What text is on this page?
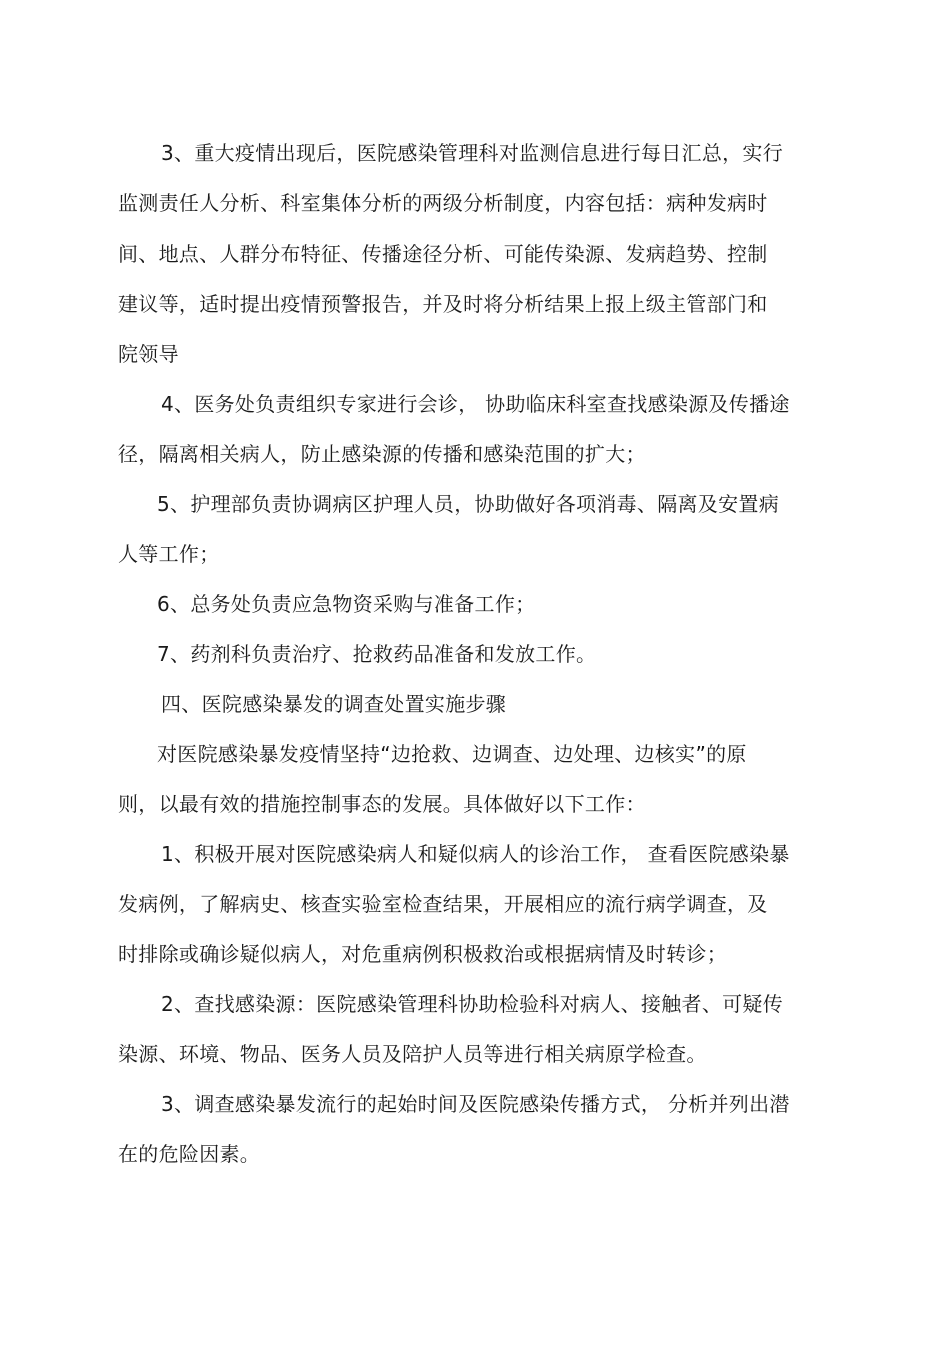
3、重大疫情出现后，医院感染管理科对监测信息进行每日汇总，实行
监测责任人分析、科室集体分析的两级分析制度，内容包括：病种发病时
间、地点、人群分布特征、传播途径分析、可能传染源、发病趋势、控制
建议等，适时提出疫情预警报告，并及时将分析结果上报上级主管部门和
院领导
4、医务处负责组织专家进行会诊， 协助临床科室查找感染源及传播途
径，隔离相关病人，防止感染源的传播和感染范围的扩大；
5、护理部负责协调病区护理人员，协助做好各项消毒、隔离及安置病
人等工作；
6、总务处负责应急物资采购与准备工作；
7、药剂科负责治疗、抢救药品准备和发放工作。
四、医院感染暴发的调查处置实施步骤
对医院感染暴发疫情坚持“边抢救、边调查、边处理、边核实”的原
则，以最有效的措施控制事态的发展。具体做好以下工作：
1、积极开展对医院感染病人和疑似病人的诊治工作， 查看医院感染暴
发病例，了解病史、核查实验室检查结果，开展相应的流行病学调查，及
时排除或确诊疑似病人，对危重病例积极救治或根据病情及时转诊；
2、查找感染源：医院感染管理科协助检验科对病人、接触者、可疑传
染源、环境、物品、医务人员及陪护人员等进行相关病原学检查。
3、调查感染暴发流行的起始时间及医院感染传播方式， 分析并列出潜
在的危险因素。
